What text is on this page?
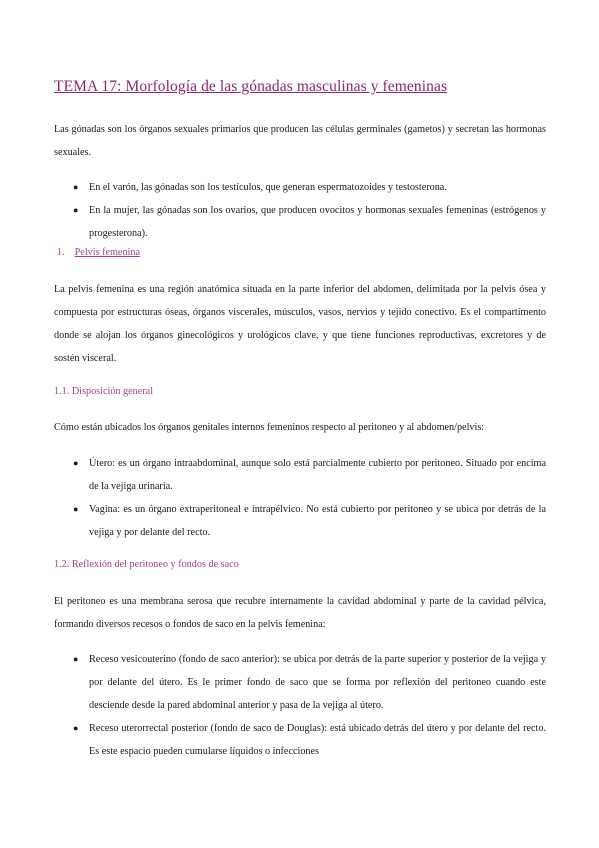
TEMA 17: Morfología de las gónadas masculinas y femeninas

Las gónadas son los órganos sexuales primarios que producen las células germinales (gametos) y secretan las hormonas sexuales.

● En el varón, las gónadas son los testículos, que generan espermatozoides y testosterona.
● En la mujer, las gónadas son los ovarios, que producen ovocitos y hormonas sexuales femeninas (estrógenos y progesterona).
1. Pelvis femenina

La pelvis femenina es una región anatómica situada en la parte inferior del abdomen, delimitada por la pelvis ósea y compuesta por estructuras óseas, órganos viscerales, músculos, vasos, nervios y tejido conectivo. Es el compartimento donde se alojan los órganos ginecológicos y urológicos clave, y que tiene funciones reproductivas, excretores y de sostén visceral.

1.1. Disposición general

Cómo están ubicados los órganos genitales internos femeninos respecto al peritoneo y al abdomen/pelvis:

● Útero: es un órgano intraabdominal, aunque solo está parcialmente cubierto por peritoneo. Situado por encima de la vejiga urinaria.
● Vagina: es un órgano extraperitoneal e intrapélvico. No está cubierto por peritoneo y se ubica por detrás de la vejiga y por delante del recto.
1.2. Reflexión del peritoneo y fondos de saco

El peritoneo es una membrana serosa que recubre internamente la cavidad abdominal y parte de la cavidad pélvica, formando diversos recesos o fondos de saco en la pelvis femenina:

● Receso vesicouterino (fondo de saco anterior): se ubica por detrás de la parte superior y posterior de la vejiga y por delante del útero. Es le primer fondo de saco que se forma por reflexión del peritoneo cuando este desciende desde la pared abdominal anterior y pasa de la vejiga al útero.
● Receso uterorrectal posterior (fondo de saco de Douglas): está ubicado detrás del útero y por delante del recto. Es este espacio pueden cumularse líquidos o infecciones
